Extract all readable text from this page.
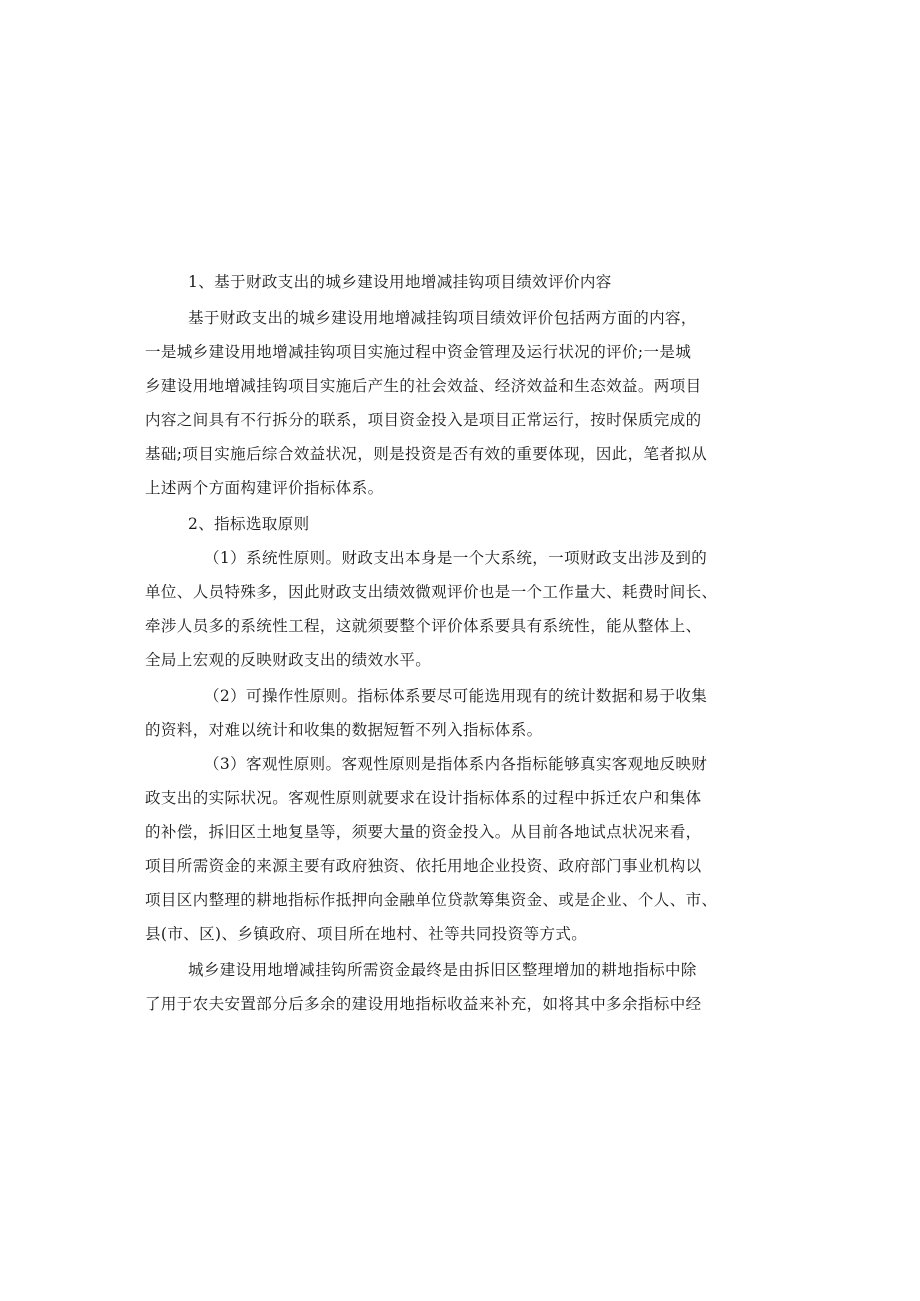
1、基于财政支出的城乡建设用地增减挂钩项目绩效评价内容
基于财政支出的城乡建设用地增减挂钩项目绩效评价包括两方面的内容，
一是城乡建设用地增减挂钩项目实施过程中资金管理及运行状况的评价;一是城
乡建设用地增减挂钩项目实施后产生的社会效益、经济效益和生态效益。两项目
内容之间具有不行拆分的联系，项目资金投入是项目正常运行，按时保质完成的
基础;项目实施后综合效益状况，则是投资是否有效的重要体现，因此，笔者拟从
上述两个方面构建评价指标体系。
2、指标选取原则
（1）系统性原则。财政支出本身是一个大系统，一项财政支出涉及到的
单位、人员特殊多，因此财政支出绩效微观评价也是一个工作量大、耗费时间长、
牵涉人员多的系统性工程，这就须要整个评价体系要具有系统性，能从整体上、
全局上宏观的反映财政支出的绩效水平。
（2）可操作性原则。指标体系要尽可能选用现有的统计数据和易于收集
的资料，对难以统计和收集的数据短暂不列入指标体系。
（3）客观性原则。客观性原则是指体系内各指标能够真实客观地反映财
政支出的实际状况。客观性原则就要求在设计指标体系的过程中拆迁农户和集体
的补偿，拆旧区土地复垦等，须要大量的资金投入。从目前各地试点状况来看，
项目所需资金的来源主要有政府独资、依托用地企业投资、政府部门事业机构以
项目区内整理的耕地指标作抵押向金融单位贷款筹集资金、或是企业、个人、市、
县(市、区)、乡镇政府、项目所在地村、社等共同投资等方式。
城乡建设用地增减挂钩所需资金最终是由拆旧区整理增加的耕地指标中除
了用于农夫安置部分后多余的建设用地指标收益来补充，如将其中多余指标中经
